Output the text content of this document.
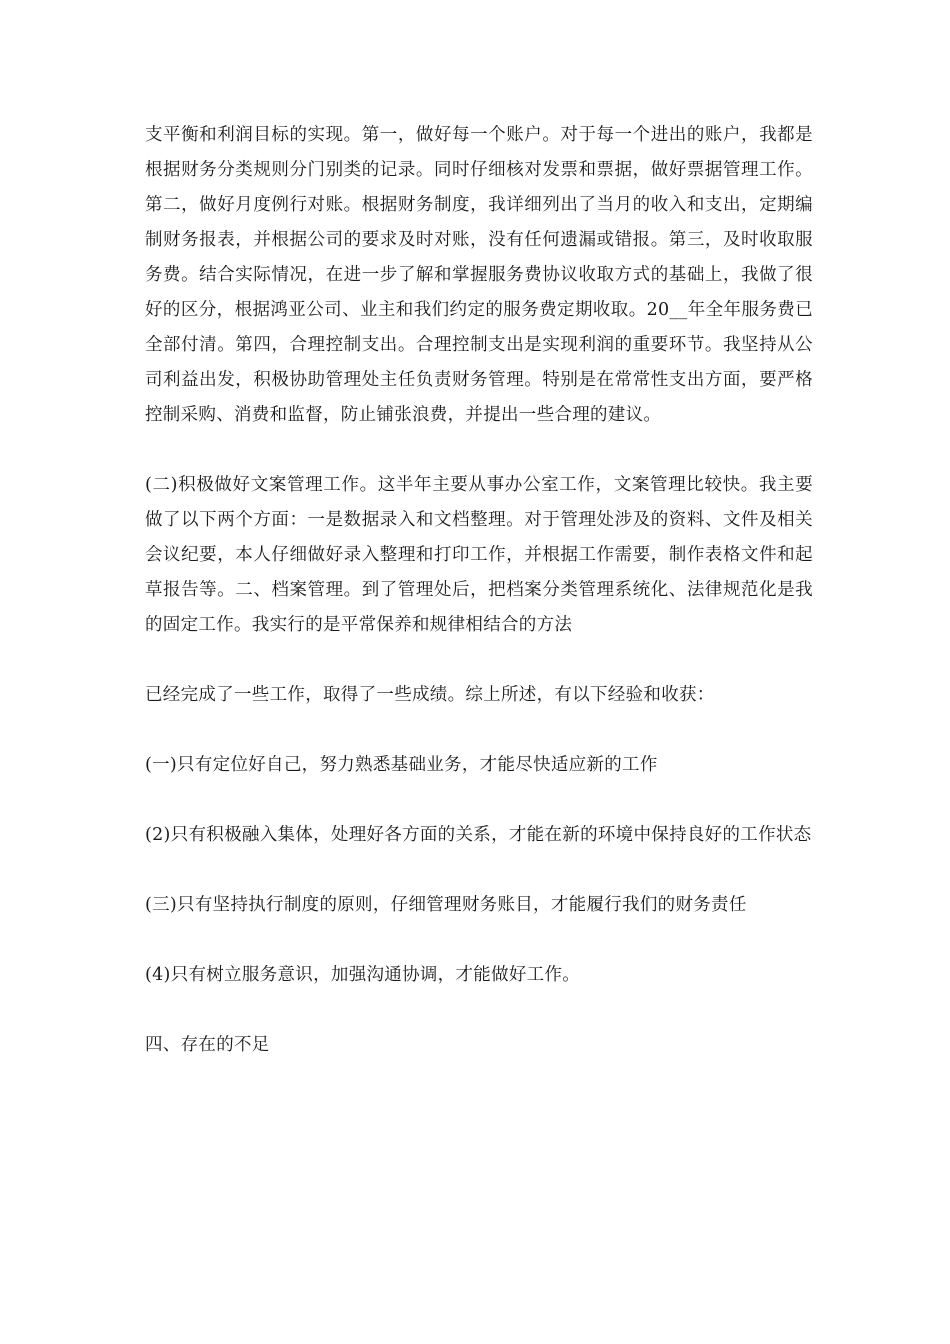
支平衡和利润目标的实现。第一，做好每一个账户。对于每一个进出的账户，我都是根据财务分类规则分门别类的记录。同时仔细核对发票和票据，做好票据管理工作。第二，做好月度例行对账。根据财务制度，我详细列出了当月的收入和支出，定期编制财务报表，并根据公司的要求及时对账，没有任何遗漏或错报。第三，及时收取服务费。结合实际情况，在进一步了解和掌握服务费协议收取方式的基础上，我做了很好的区分，根据鸿亚公司、业主和我们约定的服务费定期收取。20__年全年服务费已全部付清。第四，合理控制支出。合理控制支出是实现利润的重要环节。我坚持从公司利益出发，积极协助管理处主任负责财务管理。特别是在常常性支出方面，要严格控制采购、消费和监督，防止铺张浪费，并提出一些合理的建议。

(二)积极做好文案管理工作。这半年主要从事办公室工作，文案管理比较快。我主要做了以下两个方面：一是数据录入和文档整理。对于管理处涉及的资料、文件及相关会议纪要，本人仔细做好录入整理和打印工作，并根据工作需要，制作表格文件和起草报告等。二、档案管理。到了管理处后，把档案分类管理系统化、法律规范化是我的固定工作。我实行的是平常保养和规律相结合的方法

已经完成了一些工作，取得了一些成绩。综上所述，有以下经验和收获：

(一)只有定位好自己，努力熟悉基础业务，才能尽快适应新的工作

(2)只有积极融入集体，处理好各方面的关系，才能在新的环境中保持良好的工作状态

(三)只有坚持执行制度的原则，仔细管理财务账目，才能履行我们的财务责任

(4)只有树立服务意识，加强沟通协调，才能做好工作。

四、存在的不足
